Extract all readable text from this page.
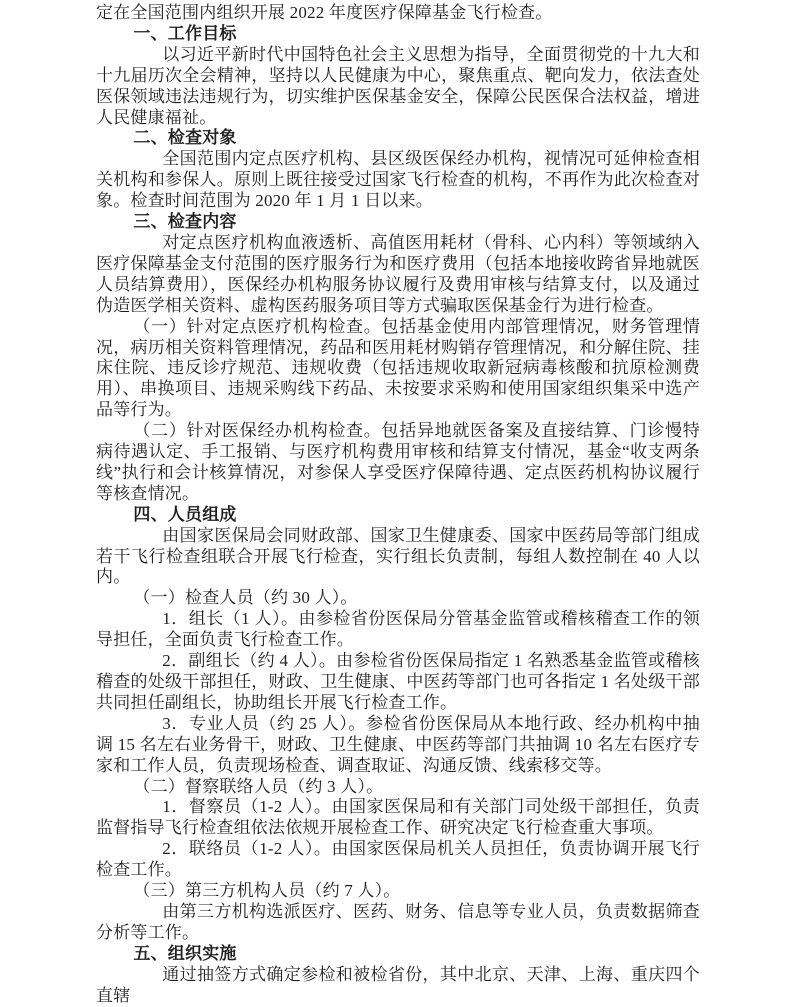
定在全国范围内组织开展 2022 年度医疗保障基金飞行检查。

一、工作目标

以习近平新时代中国特色社会主义思想为指导，全面贯彻党的十九大和十九届历次全会精神，坚持以人民健康为中心，聚焦重点、靶向发力，依法查处医保领域违法违规行为，切实维护医保基金安全，保障公民医保合法权益，增进人民健康福祉。

二、检查对象

全国范围内定点医疗机构、县区级医保经办机构，视情况可延伸检查相关机构和参保人。原则上既往接受过国家飞行检查的机构，不再作为此次检查对象。检查时间范围为 2020 年 1 月 1 日以来。

三、检查内容

对定点医疗机构血液透析、高值医用耗材（骨科、心内科）等领域纳入医疗保障基金支付范围的医疗服务行为和医疗费用（包括本地接收跨省异地就医人员结算费用），医保经办机构服务协议履行及费用审核与结算支付，以及通过伪造医学相关资料、虚构医药服务项目等方式骗取医保基金行为进行检查。

（一）针对定点医疗机构检查。包括基金使用内部管理情况，财务管理情况，病历相关资料管理情况，药品和医用耗材购销存管理情况，和分解住院、挂床住院、违反诊疗规范、违规收费（包括违规收取新冠病毒核酸和抗原检测费用）、串换项目、违规采购线下药品、未按要求采购和使用国家组织集采中选产品等行为。

（二）针对医保经办机构检查。包括异地就医备案及直接结算、门诊慢特病待遇认定、手工报销、与医疗机构费用审核和结算支付情况，基金“收支两条线”执行和会计核算情况，对参保人享受医疗保障待遇、定点医药机构协议履行等核查情况。

四、人员组成

由国家医保局会同财政部、国家卫生健康委、国家中医药局等部门组成若干飞行检查组联合开展飞行检查，实行组长负责制，每组人数控制在 40 人以内。

（一）检查人员（约 30 人）。

1．组长（1 人）。由参检省份医保局分管基金监管或稽核稽查工作的领导担任，全面负责飞行检查工作。

2．副组长（约 4 人）。由参检省份医保局指定 1 名熟悉基金监管或稽核稽查的处级干部担任，财政、卫生健康、中医药等部门也可各指定 1 名处级干部共同担任副组长，协助组长开展飞行检查工作。

3．专业人员（约 25 人）。参检省份医保局从本地行政、经办机构中抽调 15 名左右业务骨干，财政、卫生健康、中医药等部门共抽调 10 名左右医疗专家和工作人员，负责现场检查、调查取证、沟通反馈、线索移交等。

（二）督察联络人员（约 3 人）。

1．督察员（1-2 人）。由国家医保局和有关部门司处级干部担任，负责监督指导飞行检查组依法依规开展检查工作、研究决定飞行检查重大事项。

2．联络员（1-2 人）。由国家医保局机关人员担任，负责协调开展飞行检查工作。

（三）第三方机构人员（约 7 人）。

由第三方机构选派医疗、医药、财务、信息等专业人员，负责数据筛查分析等工作。

五、组织实施

通过抽签方式确定参检和被检省份，其中北京、天津、上海、重庆四个直辖
